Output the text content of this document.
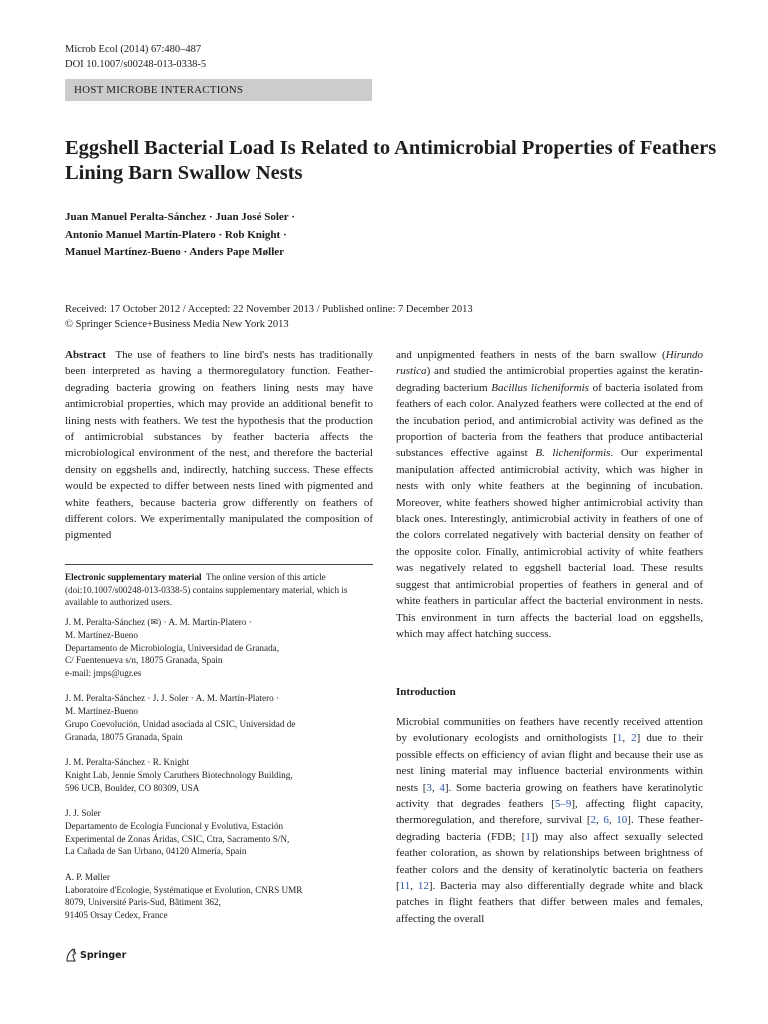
Microb Ecol (2014) 67:480–487
DOI 10.1007/s00248-013-0338-5
HOST MICROBE INTERACTIONS
Eggshell Bacterial Load Is Related to Antimicrobial Properties of Feathers Lining Barn Swallow Nests
Juan Manuel Peralta-Sánchez · Juan José Soler ·
Antonio Manuel Martín-Platero · Rob Knight ·
Manuel Martínez-Bueno · Anders Pape Møller
Received: 17 October 2012 / Accepted: 22 November 2013 / Published online: 7 December 2013
© Springer Science+Business Media New York 2013

Abstract The use of feathers to line bird's nests has traditionally been interpreted as having a thermoregulatory function. Feather-degrading bacteria growing on feathers lining nests may have antimicrobial properties, which may provide an additional benefit to lining nests with feathers. We test the hypothesis that the production of antimicrobial substances by feather bacteria affects the microbiological environment of the nest, and therefore the bacterial density on eggshells and, indirectly, hatching success. These effects would be expected to differ between nests lined with pigmented and white feathers, because bacteria grow differently on feathers of different colors. We experimentally manipulated the composition of pigmented

and unpigmented feathers in nests of the barn swallow (Hirundo rustica) and studied the antimicrobial properties against the keratin-degrading bacterium Bacillus licheniformis of bacteria isolated from feathers of each color. Analyzed feathers were collected at the end of the incubation period, and antimicrobial activity was defined as the proportion of bacteria from the feathers that produce antibacterial substances effective against B. licheniformis. Our experimental manipulation affected antimicrobial activity, which was higher in nests with only white feathers at the beginning of incubation. Moreover, white feathers showed higher antimicrobial activity than black ones. Interestingly, antimicrobial activity in feathers of one of the colors correlated negatively with bacterial density on feather of the opposite color. Finally, antimicrobial activity of white feathers was negatively related to eggshell bacterial load. These results suggest that antimicrobial properties of feathers in general and of white feathers in particular affect the bacterial environment in nests. This environment in turn affects the bacterial load on eggshells, which may affect hatching success.

Electronic supplementary material The online version of this article (doi:10.1007/s00248-013-0338-5) contains supplementary material, which is available to authorized users.
J. M. Peralta-Sánchez (✉) · A. M. Martín-Platero ·
M. Martínez-Bueno
Departamento de Microbiología, Universidad de Granada,
C/ Fuentenueva s/n, 18075 Granada, Spain
e-mail: jmps@ugr.es
J. M. Peralta-Sánchez · J. J. Soler · A. M. Martín-Platero ·
M. Martínez-Bueno
Grupo Coevolución, Unidad asociada al CSIC, Universidad de
Granada, 18075 Granada, Spain
J. M. Peralta-Sánchez · R. Knight
Knight Lab, Jennie Smoly Caruthers Biotechnology Building,
596 UCB, Boulder, CO 80309, USA
J. J. Soler
Departamento de Ecología Funcional y Evolutiva, Estación
Experimental de Zonas Áridas, CSIC, Ctra, Sacramento S/N,
La Cañada de San Urbano, 04120 Almería, Spain
A. P. Møller
Laboratoire d'Ecologie, Systématique et Evolution, CNRS UMR
8079, Université Paris-Sud, Bâtiment 362,
91405 Orsay Cedex, France
Introduction

Microbial communities on feathers have recently received attention by evolutionary ecologists and ornithologists [1, 2] due to their possible effects on efficiency of avian flight and because their use as nest lining material may influence bacterial environments within nests [3, 4]. Some bacteria growing on feathers have keratinolytic activity that degrades feathers [5–9], affecting flight capacity, thermoregulation, and therefore, survival [2, 6, 10]. These feather-degrading bacteria (FDB; [1]) may also affect sexually selected feather coloration, as shown by relationships between brightness of feather colors and the density of keratinolytic bacteria on feathers [11, 12]. Bacteria may also differentially degrade white and black patches in flight feathers that differ between males and females, affecting the overall

Springer
